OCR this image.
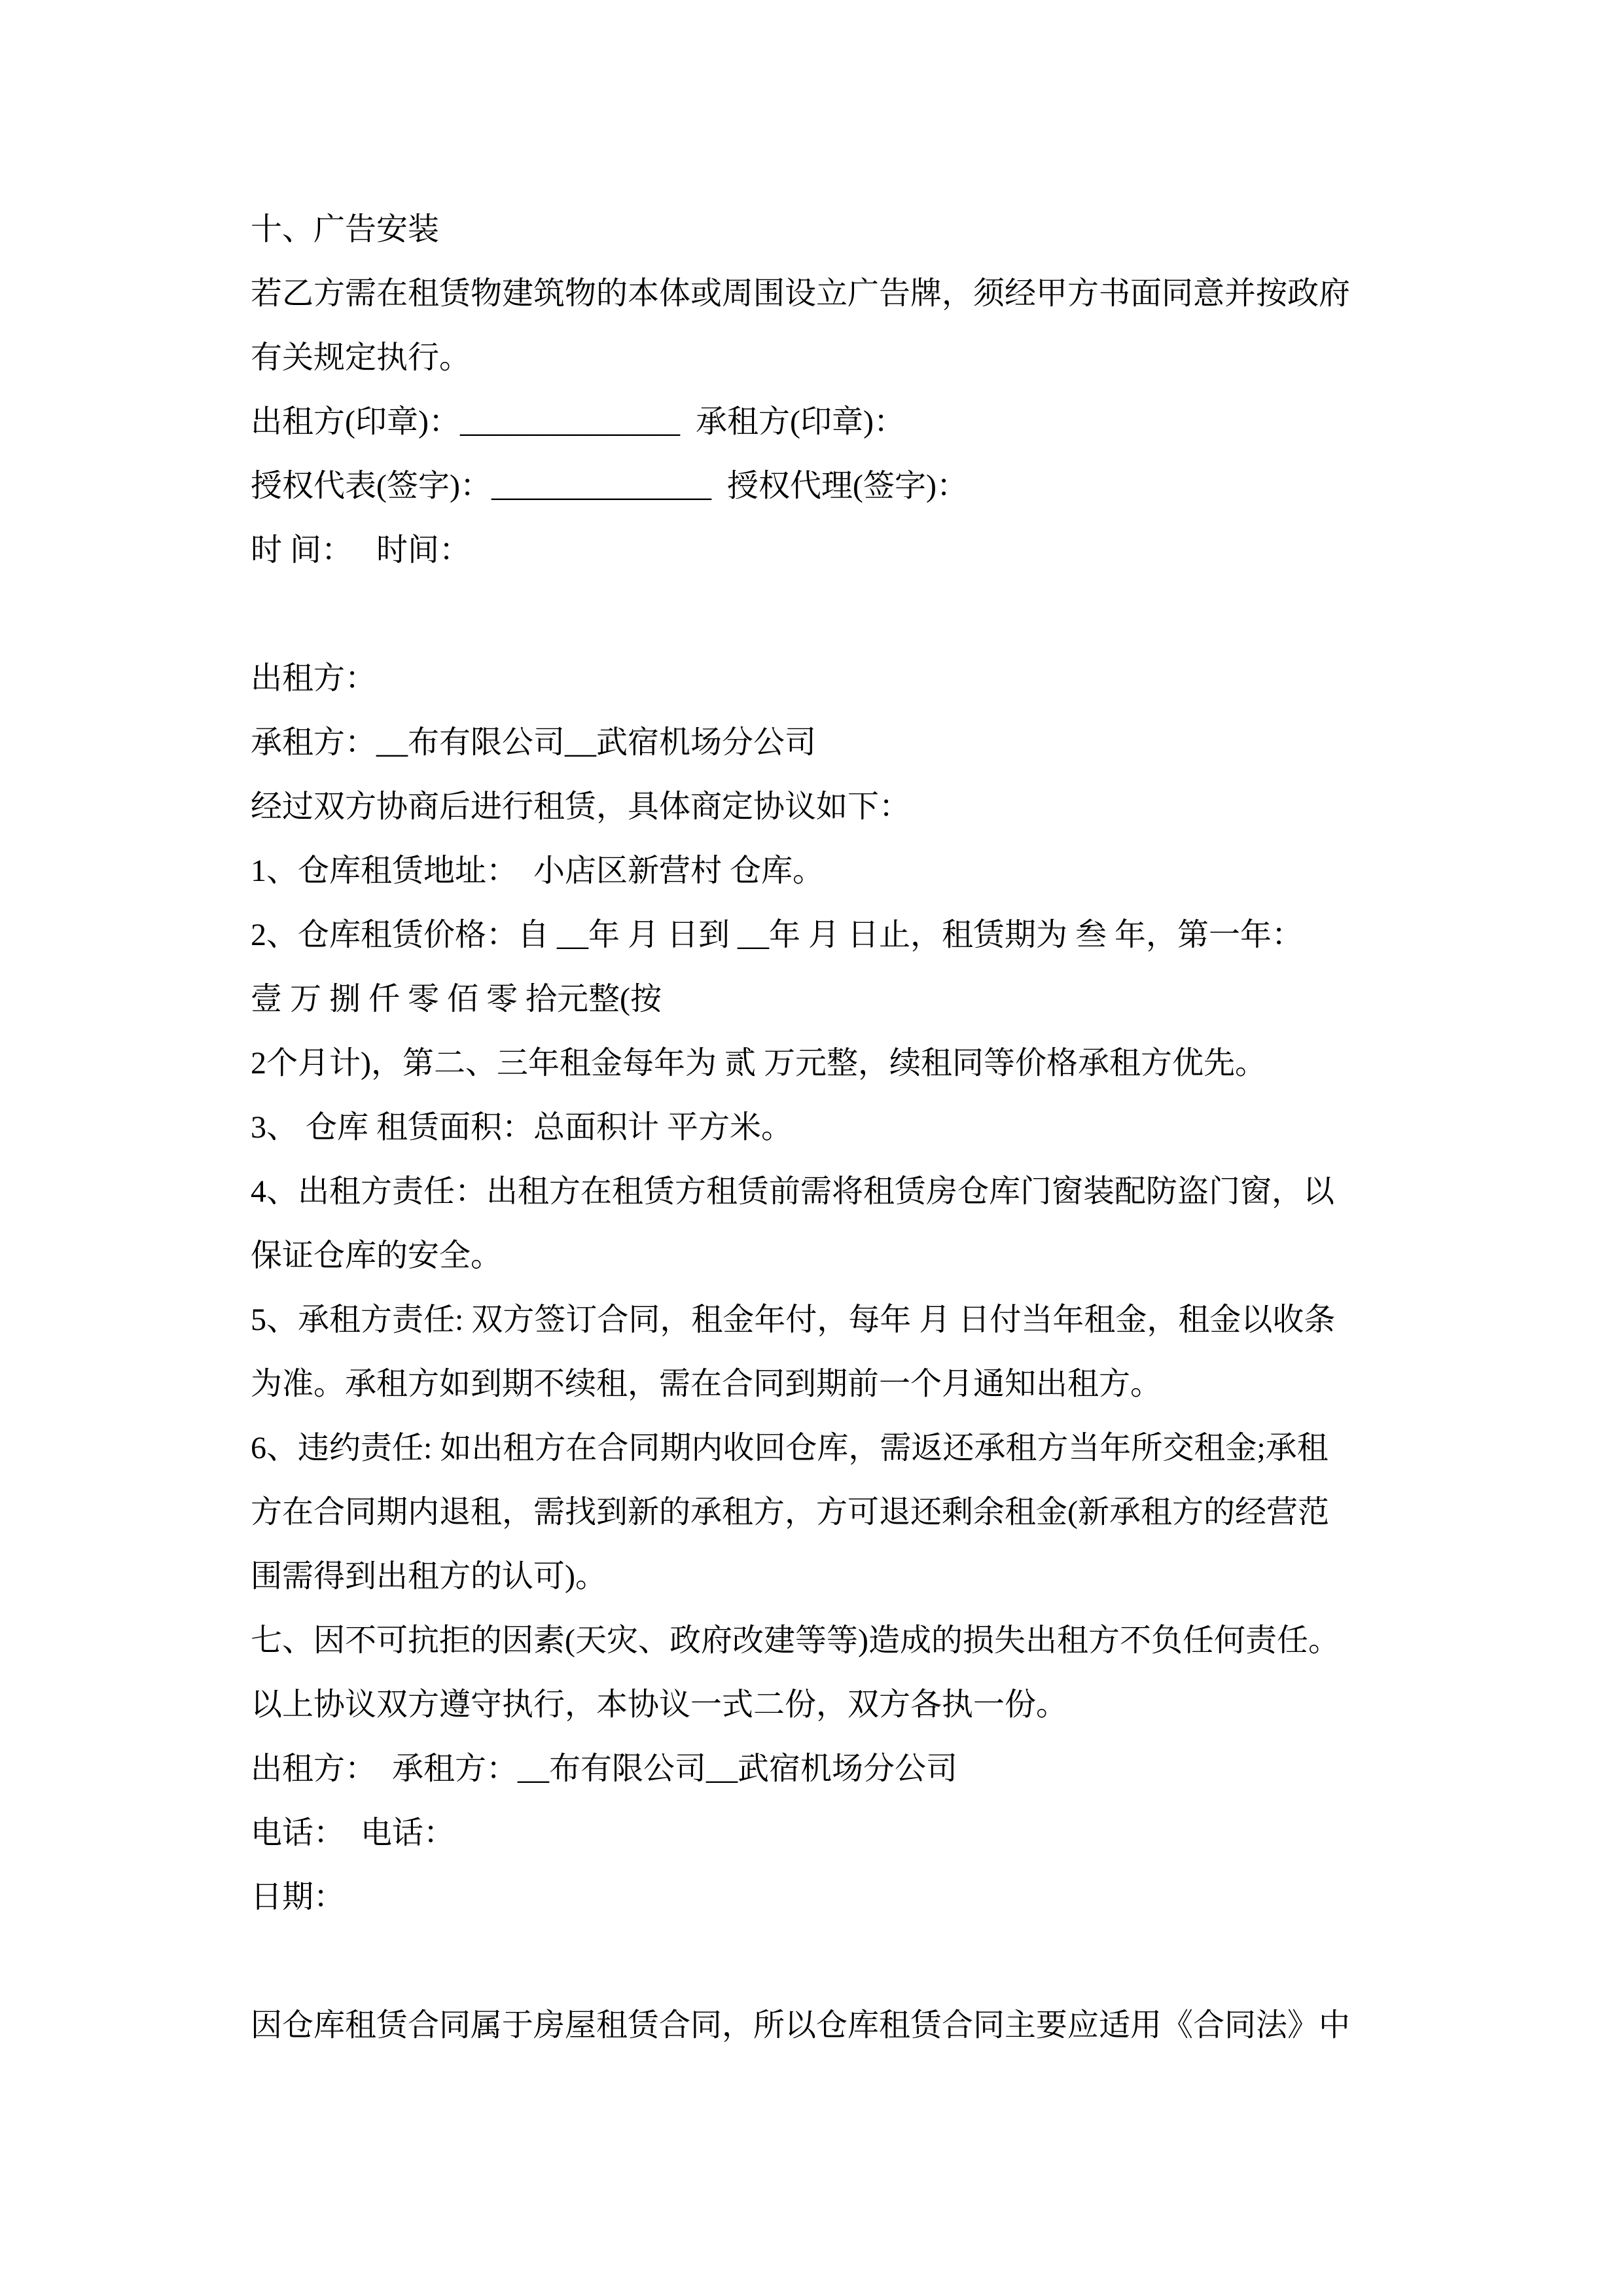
十、广告安装

若乙方需在租赁物建筑物的本体或周围设立广告牌，须经甲方书面同意并按政府

有关规定执行。

出租方(印章)：______________  承租方(印章)：

授权代表(签字)：______________  授权代理(签字)：

时 间：   时间：

出租方：

承租方：__布有限公司__武宿机场分公司

经过双方协商后进行租赁，具体商定协议如下：

1、仓库租赁地址：  小店区新营村 仓库。

2、仓库租赁价格：自 __年 月 日到 __年 月 日止，租赁期为 叁 年，第一年：

壹 万 捌 仟 零 佰 零 拾元整(按

2个月计)，第二、三年租金每年为 贰 万元整，续租同等价格承租方优先。

3、 仓库 租赁面积：总面积计 平方米。

4、出租方责任：出租方在租赁方租赁前需将租赁房仓库门窗装配防盗门窗，以

保证仓库的安全。

5、承租方责任: 双方签订合同，租金年付，每年 月 日付当年租金，租金以收条

为准。承租方如到期不续租，需在合同到期前一个月通知出租方。

6、违约责任: 如出租方在合同期内收回仓库，需返还承租方当年所交租金;承租

方在合同期内退租，需找到新的承租方，方可退还剩余租金(新承租方的经营范

围需得到出租方的认可)。

七、因不可抗拒的因素(天灾、政府改建等等)造成的损失出租方不负任何责任。

以上协议双方遵守执行，本协议一式二份，双方各执一份。

出租方：  承租方：__布有限公司__武宿机场分公司

电话：  电话：

日期：

因仓库租赁合同属于房屋租赁合同，所以仓库租赁合同主要应适用《合同法》中
